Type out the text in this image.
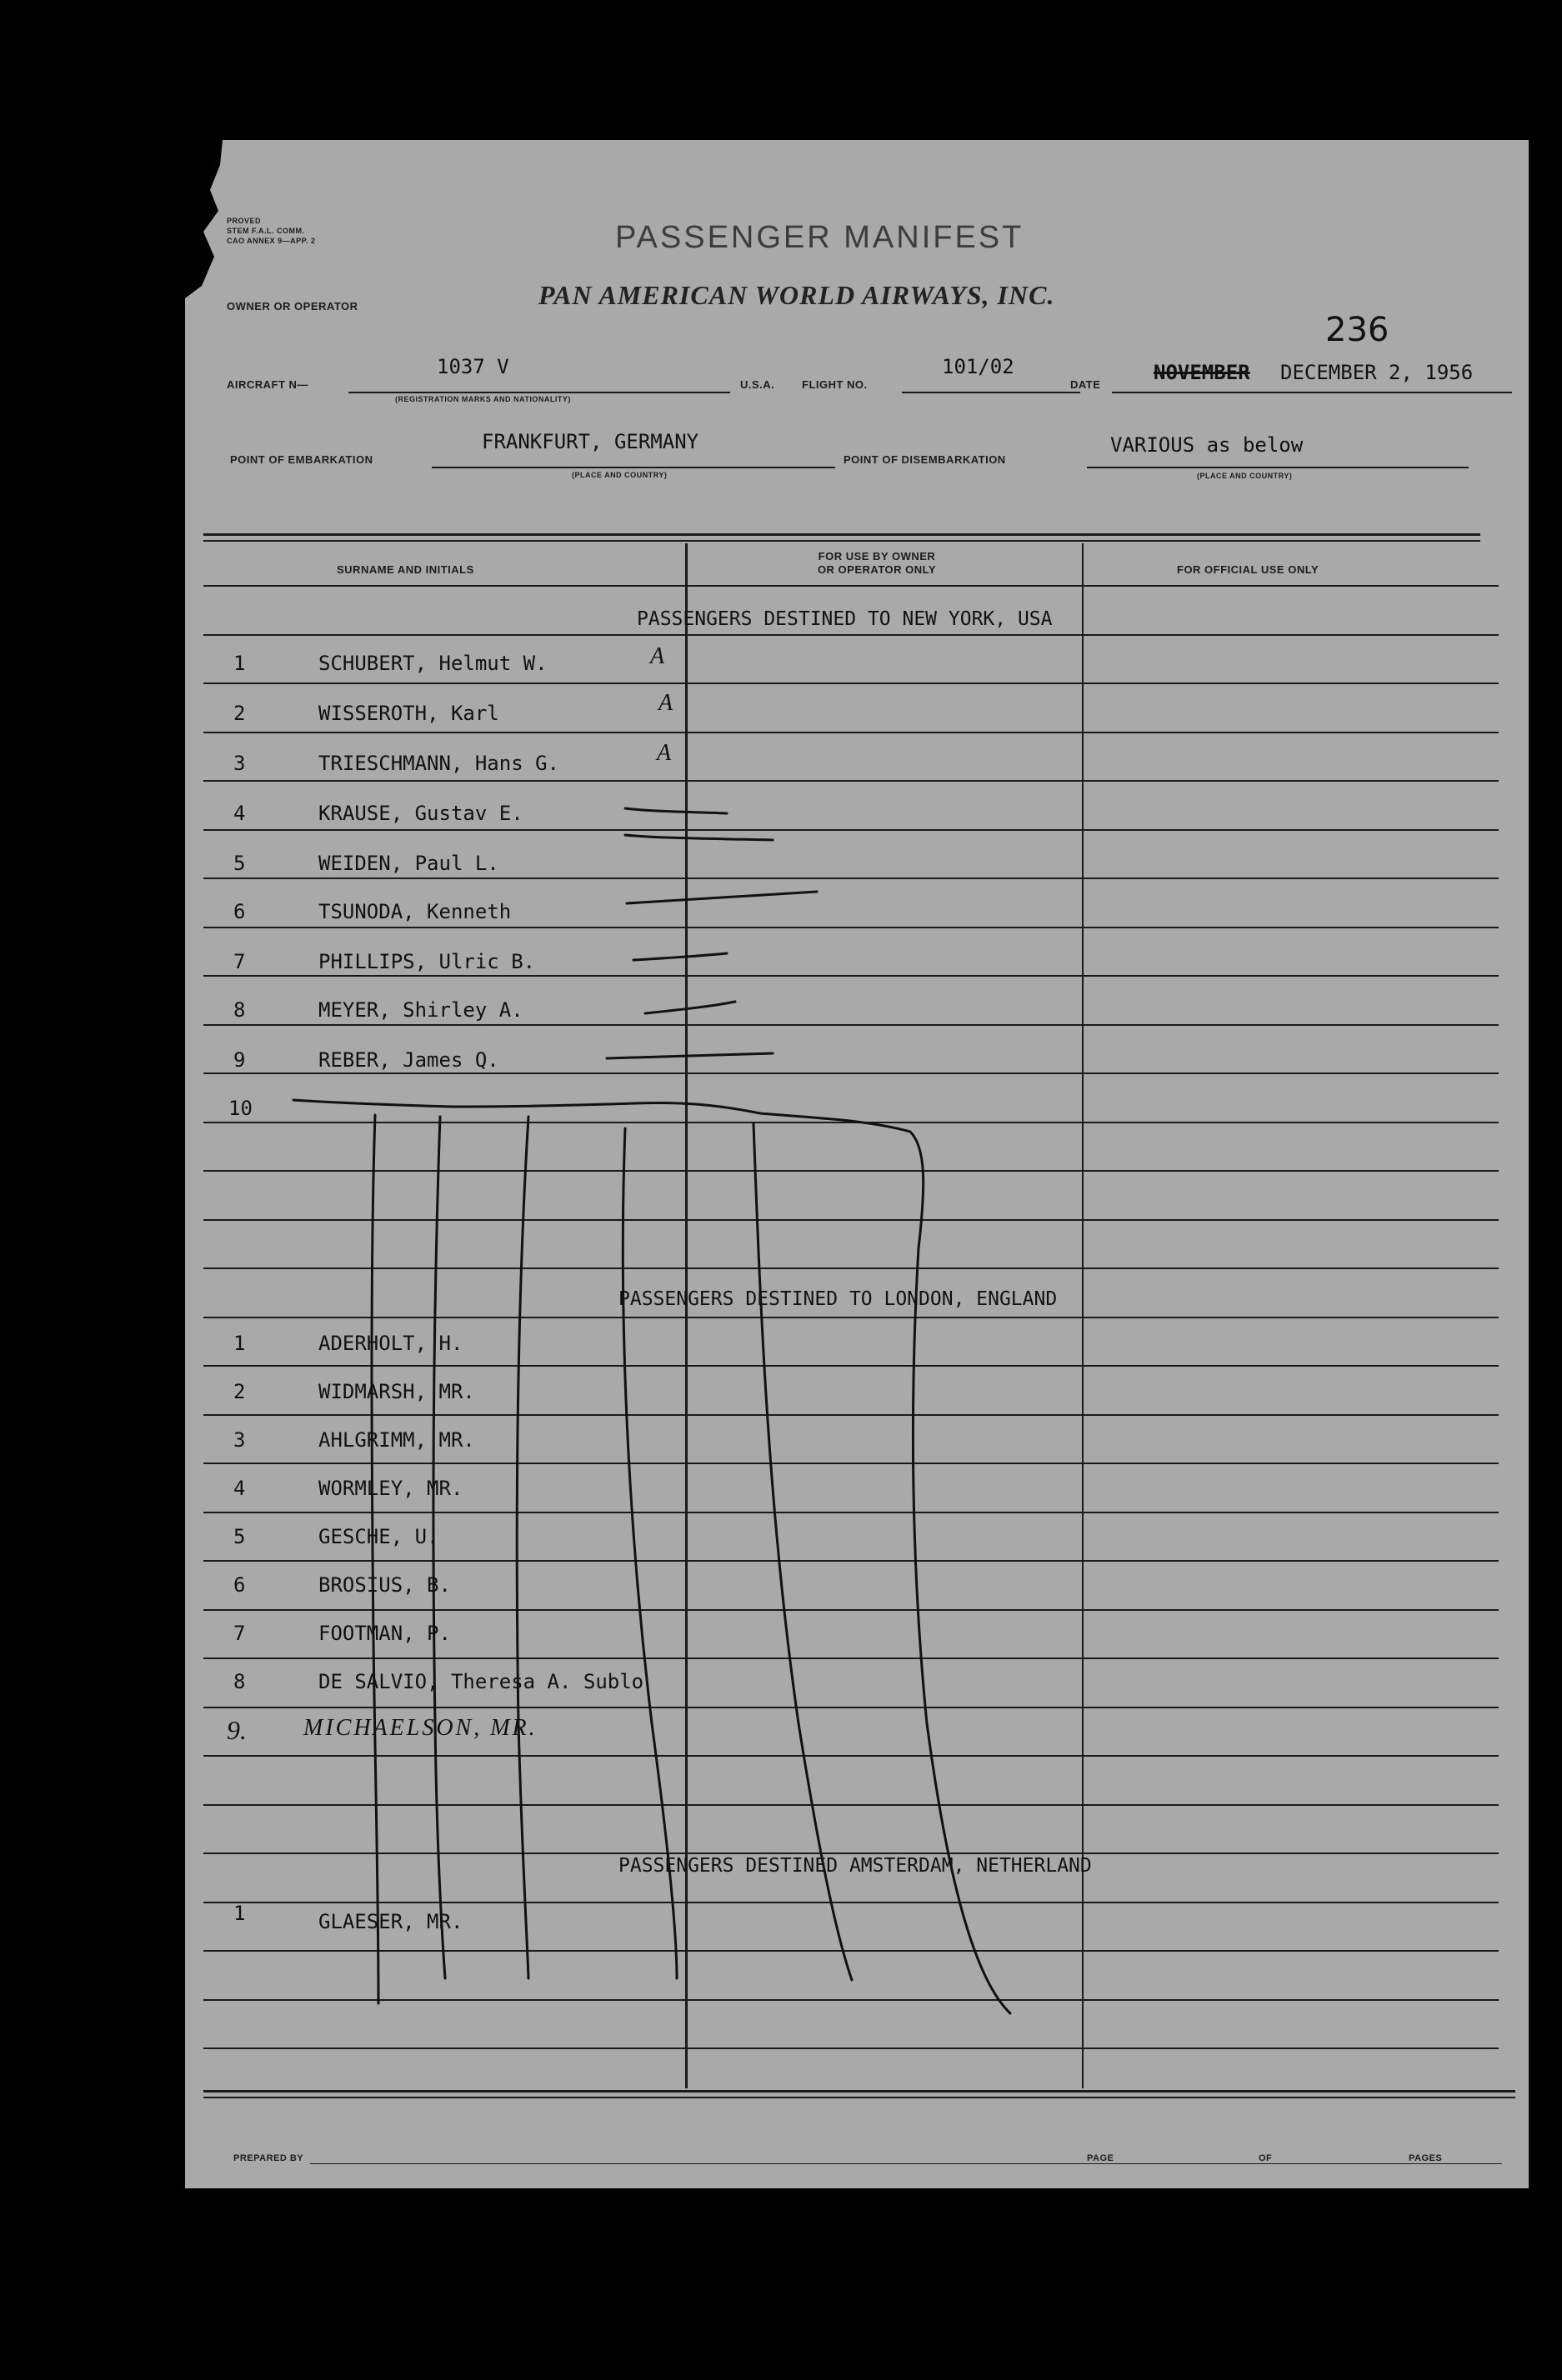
PROVED
STEM F.A.L. COMM.
CAO ANNEX 9—APP. 2	PASSENGER MANIFEST
OWNER OR OPERATOR	PAN AMERICAN WORLD AIRWAYS, INC.
236
AIRCRAFT N—
1037 V
(REGISTRATION MARKS AND NATIONALITY)
U.S.A.	FLIGHT NO.
101/02
DATE
NOVEMBER DECEMBER 2, 1956
POINT OF EMBARKATION
FRANKFURT, GERMANY
(PLACE AND COUNTRY)
POINT OF DISEMBARKATION
VARIOUS as below
(PLACE AND COUNTRY)
SURNAME AND INITIALS
FOR USE BY OWNER
OR OPERATOR ONLY	FOR OFFICIAL USE ONLY
PASSENGERS DESTINED TO NEW YORK, USA
PASSENGERS DESTINED TO LONDON, ENGLAND
PASSENGERS DESTINED AMSTERDAM, NETHERLAND
1	SCHUBERT, Helmut W.	A
2	WISSEROTH, Karl	A
3	TRIESCHMANN, Hans G.	A
4	KRAUSE, Gustav E.
5	WEIDEN, Paul L.
6	TSUNODA, Kenneth
7	PHILLIPS, Ulric B.
8	MEYER, Shirley A.
9	REBER, James Q.
10
1	ADERHOLT, H.
2	WIDMARSH, MR.
3	AHLGRIMM, MR.
4	WORMLEY, MR.
5	GESCHE, U.
6	BROSIUS, B.
7	FOOTMAN, P.
8	DE SALVIO, Theresa A. Sublo
9. MICHAELSON, MR.
1	GLAESER, MR.
PREPARED BY	PAGE	OF	PAGES
